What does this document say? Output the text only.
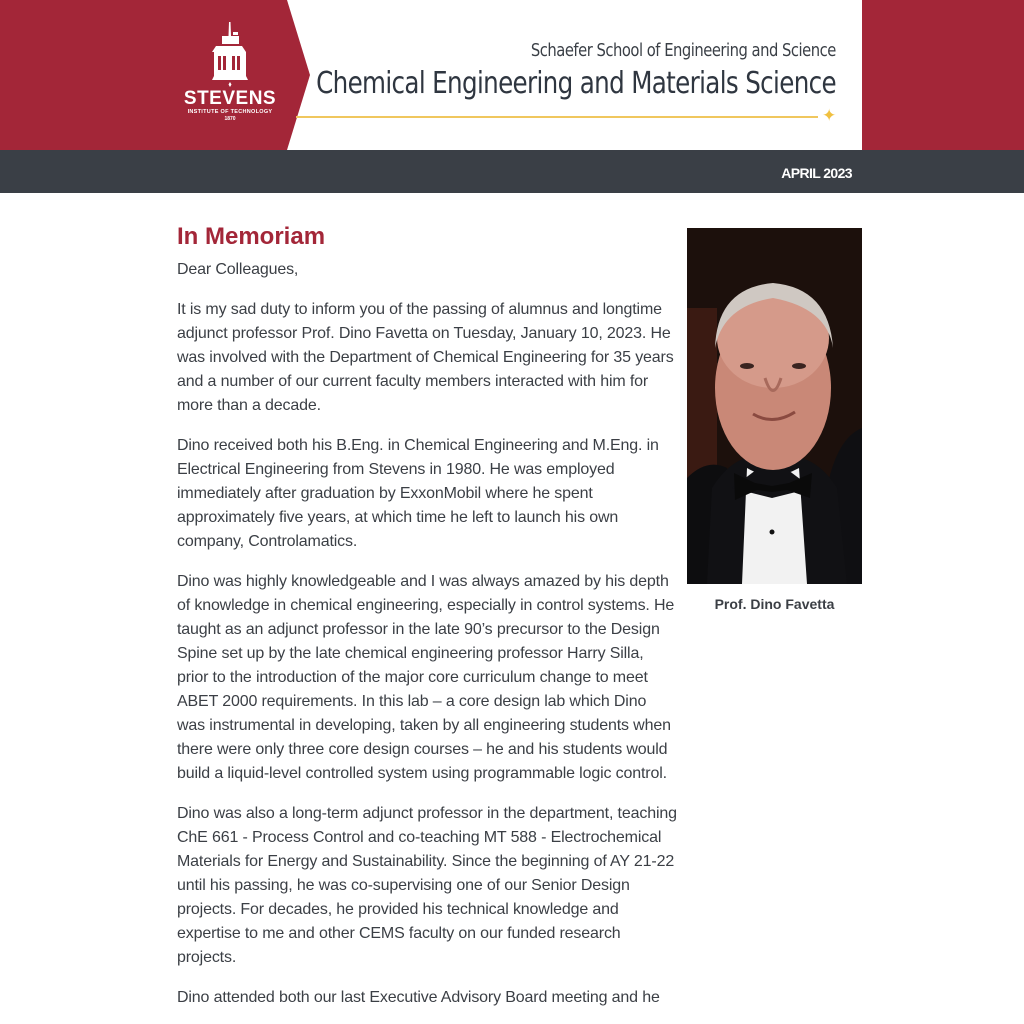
STEVENS
INSTITUTE OF TECHNOLOGY
1870
Schaefer School of Engineering and Science
Chemical Engineering and Materials Science
✦
APRIL 2023
In Memoriam

Dear Colleagues,

It is my sad duty to inform you of the passing of alumnus and longtime adjunct professor Prof. Dino Favetta on Tuesday, January 10, 2023. He was involved with the Department of Chemical Engineering for 35 years and a number of our current faculty members interacted with him for more than a decade.

Dino received both his B.Eng. in Chemical Engineering and M.Eng. in Electrical Engineering from Stevens in 1980. He was employed immediately after graduation by ExxonMobil where he spent approximately five years, at which time he left to launch his own company, Controlamatics.

Dino was highly knowledgeable and I was always amazed by his depth of knowledge in chemical engineering, especially in control systems. He taught as an adjunct professor in the late 90’s precursor to the Design Spine set up by the late chemical engineering professor Harry Silla, prior to the introduction of the major core curriculum change to meet ABET 2000 requirements. In this lab – a core design lab which Dino was instrumental in developing, taken by all engineering students when there were only three core design courses – he and his students would build a liquid-level controlled system using programmable logic control.

Dino was also a long-term adjunct professor in the department, teaching ChE 661 - Process Control and co-teaching MT 588 - Electrochemical Materials for Energy and Sustainability. Since the beginning of AY 21-22 until his passing, he was co-supervising one of our Senior Design projects. For decades, he provided his technical knowledge and expertise to me and other CEMS faculty on our funded research projects.

Dino attended both our last Executive Advisory Board meeting and he

Prof. Dino Favetta
